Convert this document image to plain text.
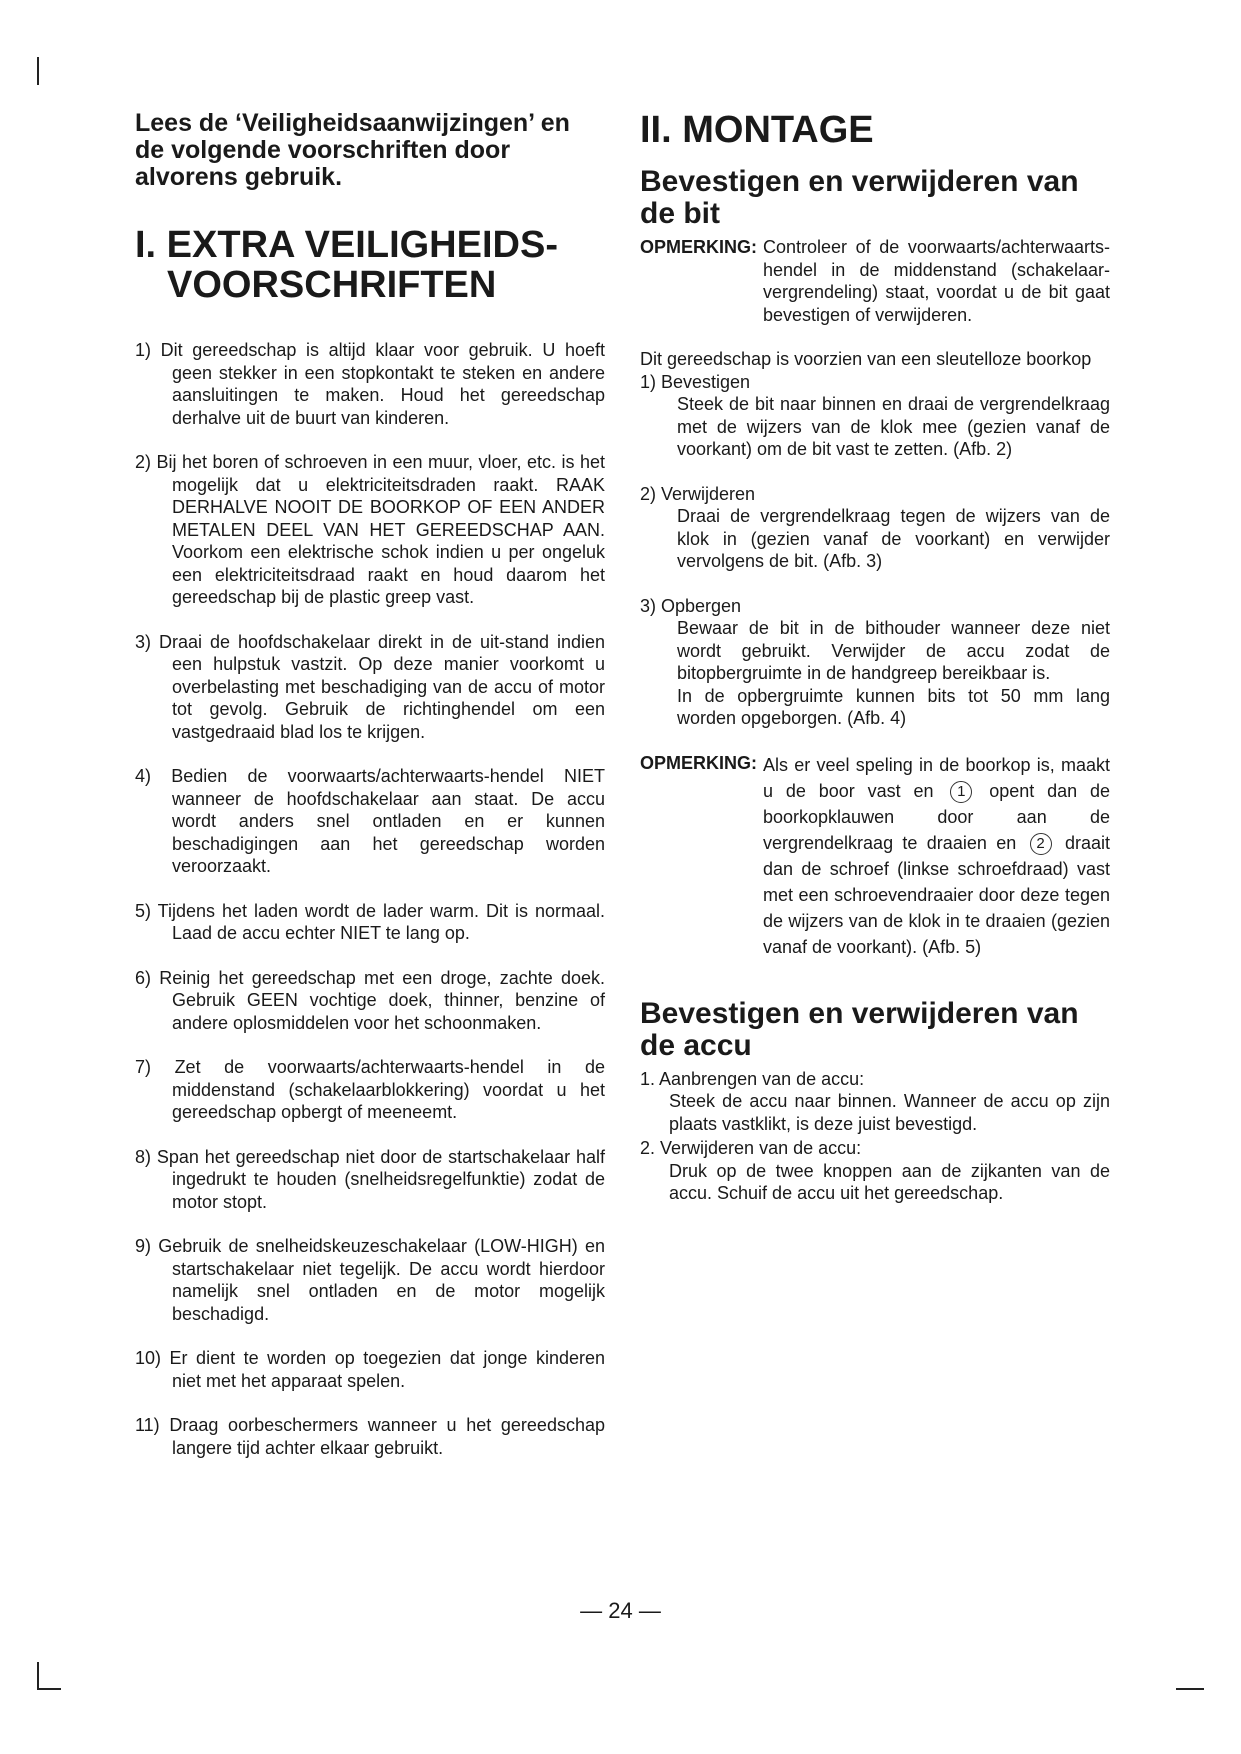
Lees de ‘Veiligheidsaanwijzingen’ en de volgende voorschriften door alvorens gebruik.
I. EXTRA VEILIGHEIDS-
VOORSCHRIFTEN
1) Dit gereedschap is altijd klaar voor gebruik. U hoeft geen stekker in een stopkontakt te steken en andere aansluitingen te maken. Houd het gereedschap derhalve uit de buurt van kinderen.
2) Bij het boren of schroeven in een muur, vloer, etc. is het mogelijk dat u elektriciteitsdraden raakt. RAAK DERHALVE NOOIT DE BOORKOP OF EEN ANDER METALEN DEEL VAN HET GEREEDSCHAP AAN. Voorkom een elektrische schok indien u per ongeluk een elektriciteitsdraad raakt en houd daarom het gereedschap bij de plastic greep vast.
3) Draai de hoofdschakelaar direkt in de uit-stand indien een hulpstuk vastzit. Op deze manier voorkomt u overbelasting met beschadiging van de accu of motor tot gevolg. Gebruik de richtinghendel om een vastgedraaid blad los te krijgen.
4) Bedien de voorwaarts/achterwaarts-hendel NIET wanneer de hoofdschakelaar aan staat. De accu wordt anders snel ontladen en er kunnen beschadigingen aan het gereedschap worden veroorzaakt.
5) Tijdens het laden wordt de lader warm. Dit is normaal. Laad de accu echter NIET te lang op.
6) Reinig het gereedschap met een droge, zachte doek. Gebruik GEEN vochtige doek, thinner, benzine of andere oplosmiddelen voor het schoonmaken.
7) Zet de voorwaarts/achterwaarts-hendel in de middenstand (schakelaarblokkering) voordat u het gereedschap opbergt of meeneemt.
8) Span het gereedschap niet door de startschakelaar half ingedrukt te houden (snelheidsregelfunktie) zodat de motor stopt.
9) Gebruik de snelheidskeuzeschakelaar (LOW-HIGH) en startschakelaar niet tegelijk. De accu wordt hierdoor namelijk snel ontladen en de motor mogelijk beschadigd.
10) Er dient te worden op toegezien dat jonge kinderen niet met het apparaat spelen.
11) Draag oorbeschermers wanneer u het gereedschap langere tijd achter elkaar gebruikt.
II. MONTAGE
Bevestigen en verwijderen van de bit
OPMERKING: Controleer of de voorwaarts/achterwaarts-hendel in de middenstand (schakelaar-vergrendeling) staat, voordat u de bit gaat bevestigen of verwijderen.
Dit gereedschap is voorzien van een sleutelloze boorkop
1) Bevestigen
Steek de bit naar binnen en draai de vergrendelkraag met de wijzers van de klok mee (gezien vanaf de voorkant) om de bit vast te zetten. (Afb. 2)
2) Verwijderen
Draai de vergrendelkraag tegen de wijzers van de klok in (gezien vanaf de voorkant) en verwijder vervolgens de bit. (Afb. 3)
3) Opbergen
Bewaar de bit in de bithouder wanneer deze niet wordt gebruikt. Verwijder de accu zodat de bitopbergruimte in de handgreep bereikbaar is.
In de opbergruimte kunnen bits tot 50 mm lang worden opgeborgen. (Afb. 4)
OPMERKING: Als er veel speling in de boorkop is, maakt u de boor vast en 1 opent dan de boorkopklauwen door aan de vergrendelkraag te draaien en 2 draait dan de schroef (linkse schroefdraad) vast met een schroevendraaier door deze tegen de wijzers van de klok in te draaien (gezien vanaf de voorkant). (Afb. 5)
Bevestigen en verwijderen van de accu
1. Aanbrengen van de accu:
Steek de accu naar binnen. Wanneer de accu op zijn plaats vastklikt, is deze juist bevestigd.
2. Verwijderen van de accu:
Druk op de twee knoppen aan de zijkanten van de accu. Schuif de accu uit het gereedschap.
— 24 —
